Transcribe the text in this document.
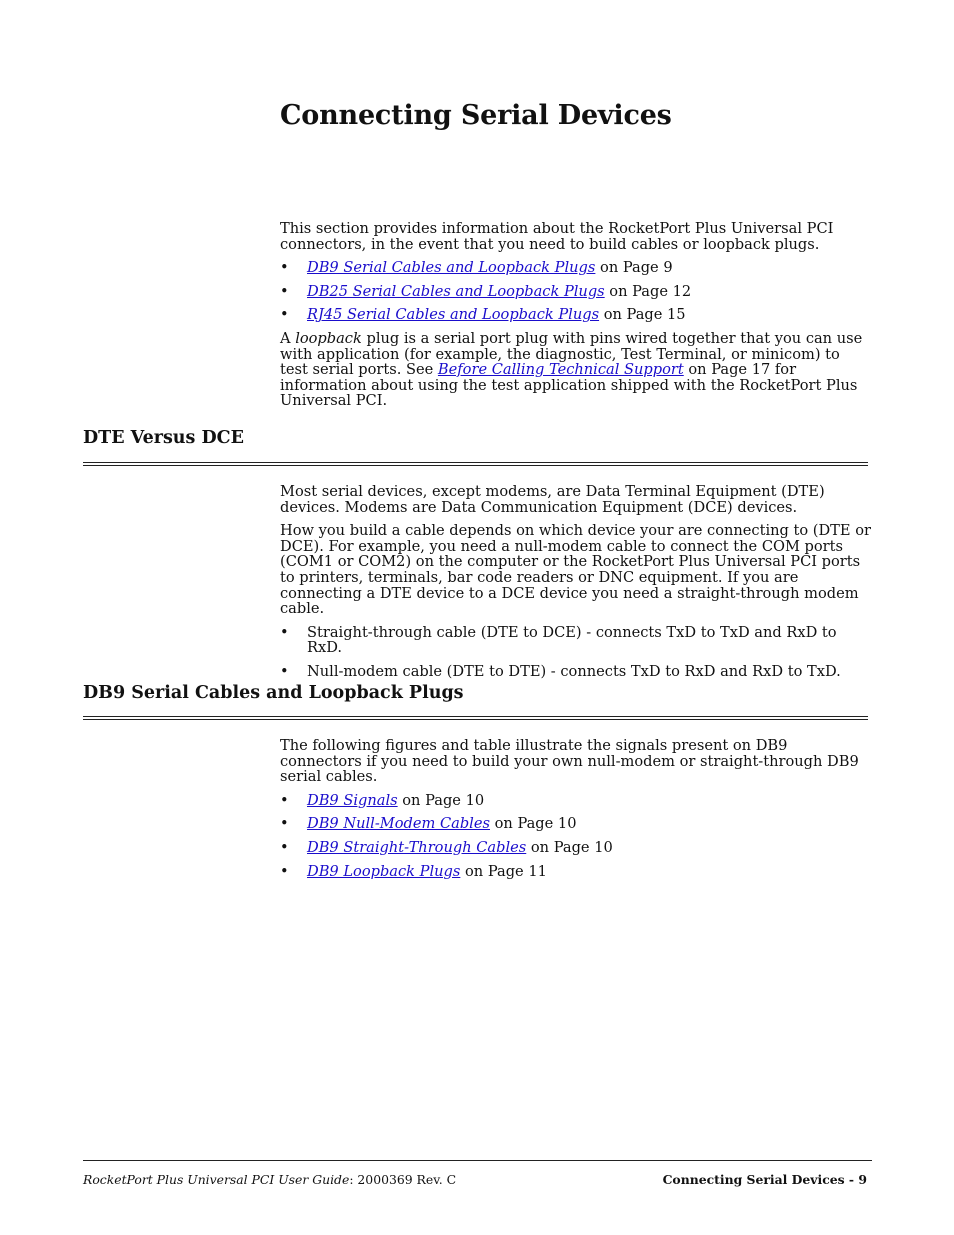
Connecting Serial Devices

This section provides information about the RocketPort Plus Universal PCI connectors, in the event that you need to build cables or loopback plugs.

• DB9 Serial Cables and Loopback Plugs on Page 9
• DB25 Serial Cables and Loopback Plugs on Page 12
• RJ45 Serial Cables and Loopback Plugs on Page 15

A loopback plug is a serial port plug with pins wired together that you can use with application (for example, the diagnostic, Test Terminal, or minicom) to test serial ports. See Before Calling Technical Support on Page 17 for information about using the test application shipped with the RocketPort Plus Universal PCI.

DTE Versus DCE

Most serial devices, except modems, are Data Terminal Equipment (DTE) devices. Modems are Data Communication Equipment (DCE) devices.

How you build a cable depends on which device your are connecting to (DTE or DCE). For example, you need a null-modem cable to connect the COM ports (COM1 or COM2) on the computer or the RocketPort Plus Universal PCI ports to printers, terminals, bar code readers or DNC equipment. If you are connecting a DTE device to a DCE device you need a straight-through modem cable.

• Straight-through cable (DTE to DCE) - connects TxD to TxD and RxD to RxD.
• Null-modem cable (DTE to DTE) - connects TxD to RxD and RxD to TxD.
DB9 Serial Cables and Loopback Plugs

The following figures and table illustrate the signals present on DB9 connectors if you need to build your own null-modem or straight-through DB9 serial cables.

• DB9 Signals on Page 10
• DB9 Null-Modem Cables on Page 10
• DB9 Straight-Through Cables on Page 10
• DB9 Loopback Plugs on Page 11
RocketPort Plus Universal PCI User Guide: 2000369 Rev. C	Connecting Serial Devices - 9
